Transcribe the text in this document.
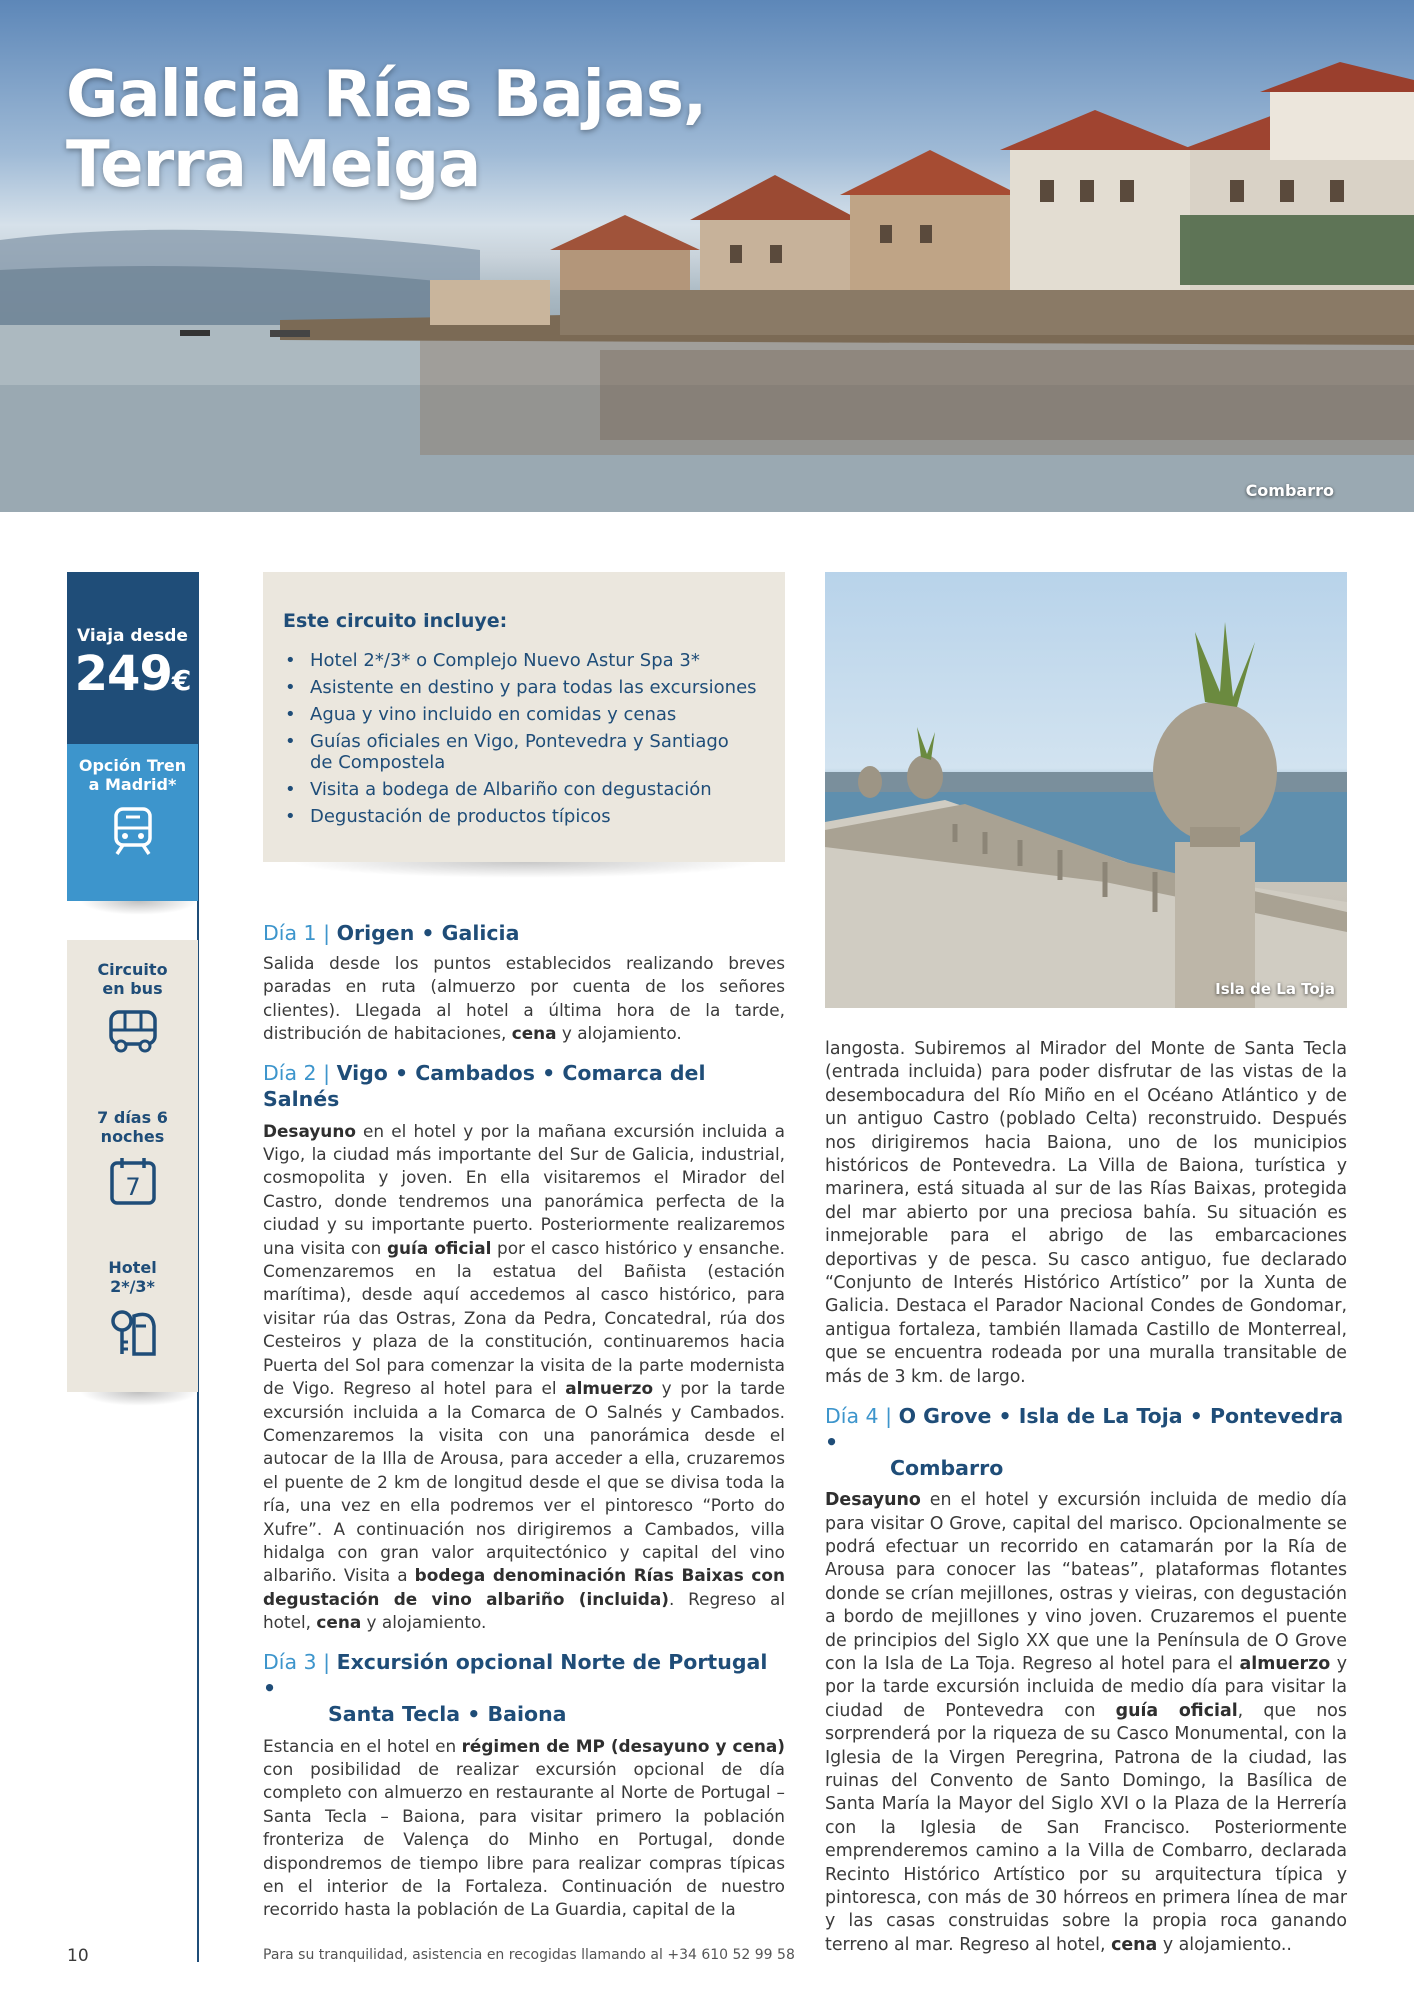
Galicia Rías Bajas,
Terra Meiga
Combarro
Viaja desde
249€
Opción Tren a Madrid*
Circuito en bus
7 días 6 noches
7
Hotel 2*/3*
10
Este circuito incluye:
• Hotel 2*/3* o Complejo Nuevo Astur Spa 3*
• Asistente en destino y para todas las excursiones
• Agua y vino incluido en comidas y cenas
• Guías oficiales en Vigo, Pontevedra y Santiago de Compostela
• Visita a bodega de Albariño con degustación
• Degustación de productos típicos
Isla de La Toja
Día 1 | Origen • Galicia

Salida desde los puntos establecidos realizando breves paradas en ruta (almuerzo por cuenta de los señores clientes). Llegada al hotel a última hora de la tarde, distribución de habitaciones, cena y alojamiento.

Día 2 | Vigo • Cambados • Comarca del Salnés

Desayuno en el hotel y por la mañana excursión incluida a Vigo, la ciudad más importante del Sur de Galicia, industrial, cosmopolita y joven. En ella visitaremos el Mirador del Castro, donde tendremos una panorámica perfecta de la ciudad y su importante puerto. Posteriormente realizaremos una visita con guía oficial por el casco histórico y ensanche. Comenzaremos en la estatua del Bañista (estación marítima), desde aquí accedemos al casco histórico, para visitar rúa das Ostras, Zona da Pedra, Concatedral, rúa dos Cesteiros y plaza de la constitución, continuaremos hacia Puerta del Sol para comenzar la visita de la parte modernista de Vigo. Regreso al hotel para el almuerzo y por la tarde excursión incluida a la Comarca de O Salnés y Cambados. Comenzaremos la visita con una panorámica desde el autocar de la Illa de Arousa, para acceder a ella, cruzaremos el puente de 2 km de longitud desde el que se divisa toda la ría, una vez en ella podremos ver el pintoresco “Porto do Xufre”. A continuación nos dirigiremos a Cambados, villa hidalga con gran valor arquitectónico y capital del vino albariño. Visita a bodega denominación Rías Baixas con degustación de vino albariño (incluida). Regreso al hotel, cena y alojamiento.

Día 3 | Excursión opcional Norte de Portugal •
Santa Tecla • Baiona

Estancia en el hotel en régimen de MP (desayuno y cena) con posibilidad de realizar excursión opcional de día completo con almuerzo en restaurante al Norte de Portugal – Santa Tecla – Baiona, para visitar primero la población fronteriza de Valença do Minho en Portugal, donde dispondremos de tiempo libre para realizar compras típicas en el interior de la Fortaleza. Continuación de nuestro recorrido hasta la población de La Guardia, capital de la

langosta. Subiremos al Mirador del Monte de Santa Tecla (entrada incluida) para poder disfrutar de las vistas de la desembocadura del Río Miño en el Océano Atlántico y de un antiguo Castro (poblado Celta) reconstruido. Después nos dirigiremos hacia Baiona, uno de los municipios históricos de Pontevedra. La Villa de Baiona, turística y marinera, está situada al sur de las Rías Baixas, protegida del mar abierto por una preciosa bahía. Su situación es inmejorable para el abrigo de las embarcaciones deportivas y de pesca. Su casco antiguo, fue declarado “Conjunto de Interés Histórico Artístico” por la Xunta de Galicia. Destaca el Parador Nacional Condes de Gondomar, antigua fortaleza, también llamada Castillo de Monterreal, que se encuentra rodeada por una muralla transitable de más de 3 km. de largo.

Día 4 | O Grove • Isla de La Toja • Pontevedra •
Combarro

Desayuno en el hotel y excursión incluida de medio día para visitar O Grove, capital del marisco. Opcionalmente se podrá efectuar un recorrido en catamarán por la Ría de Arousa para conocer las “bateas”, plataformas flotantes donde se crían mejillones, ostras y vieiras, con degustación a bordo de mejillones y vino joven. Cruzaremos el puente de principios del Siglo XX que une la Península de O Grove con la Isla de La Toja. Regreso al hotel para el almuerzo y por la tarde excursión incluida de medio día para visitar la ciudad de Pontevedra con guía oficial, que nos sorprenderá por la riqueza de su Casco Monumental, con la Iglesia de la Virgen Peregrina, Patrona de la ciudad, las ruinas del Convento de Santo Domingo, la Basílica de Santa María la Mayor del Siglo XVI o la Plaza de la Herrería con la Iglesia de San Francisco. Posteriormente emprenderemos camino a la Villa de Combarro, declarada Recinto Histórico Artístico por su arquitectura típica y pintoresca, con más de 30 hórreos en primera línea de mar y las casas construidas sobre la propia roca ganando terreno al mar. Regreso al hotel, cena y alojamiento..

Para su tranquilidad, asistencia en recogidas llamando al +34 610 52 99 58
